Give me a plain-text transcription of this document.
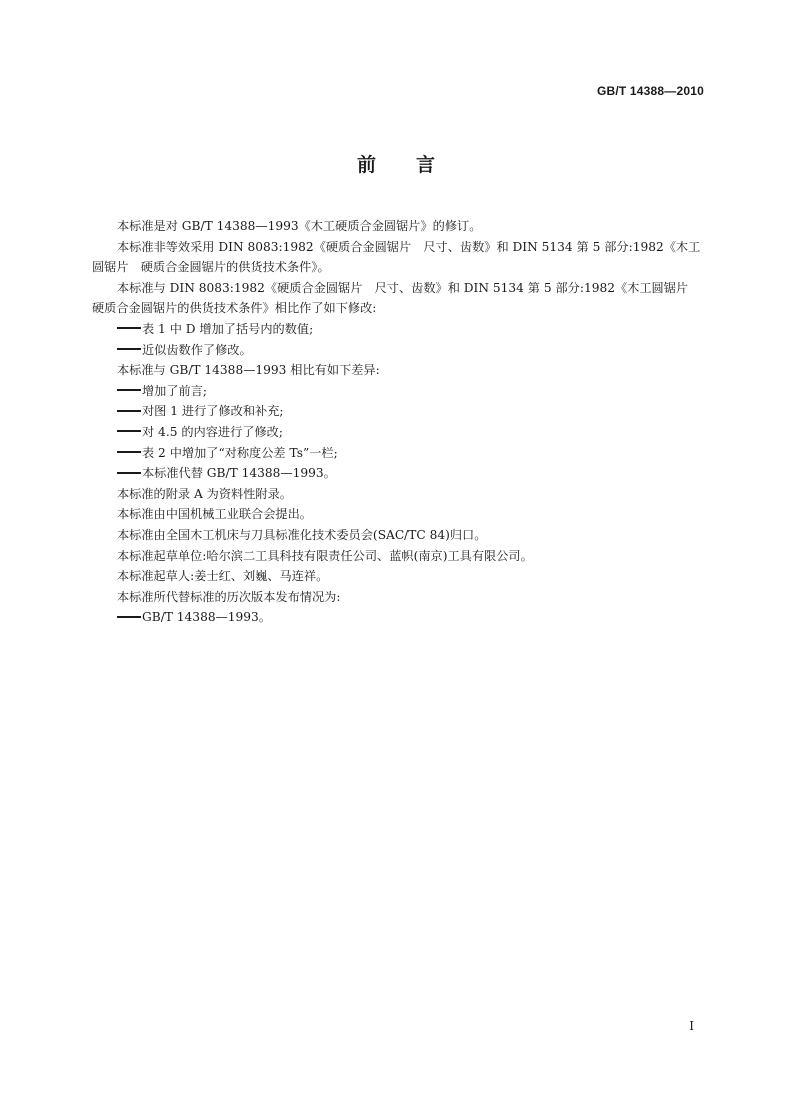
GB/T 14388—2010
前言

本标准是对 GB/T 14388—1993《木工硬质合金圆锯片》的修订。

本标准非等效采用 DIN 8083:1982《硬质合金圆锯片　尺寸、齿数》和 DIN 5134 第 5 部分:1982《木工圆锯片　硬质合金圆锯片的供货技术条件》。

本标准与 DIN 8083:1982《硬质合金圆锯片　尺寸、齿数》和 DIN 5134 第 5 部分:1982《木工圆锯片　硬质合金圆锯片的供货技术条件》相比作了如下修改:

表 1 中 D 增加了括号内的数值;

近似齿数作了修改。

本标准与 GB/T 14388—1993 相比有如下差异:

增加了前言;

对图 1 进行了修改和补充;

对 4.5 的内容进行了修改;

表 2 中增加了“对称度公差 Ts”一栏;

本标准代替 GB/T 14388—1993。

本标准的附录 A 为资料性附录。

本标准由中国机械工业联合会提出。

本标准由全国木工机床与刀具标准化技术委员会(SAC/TC 84)归口。

本标准起草单位:哈尔滨二工具科技有限责任公司、蓝帜(南京)工具有限公司。

本标准起草人:姜士红、刘巍、马连祥。

本标准所代替标准的历次版本发布情况为:

GB/T 14388—1993。

I
